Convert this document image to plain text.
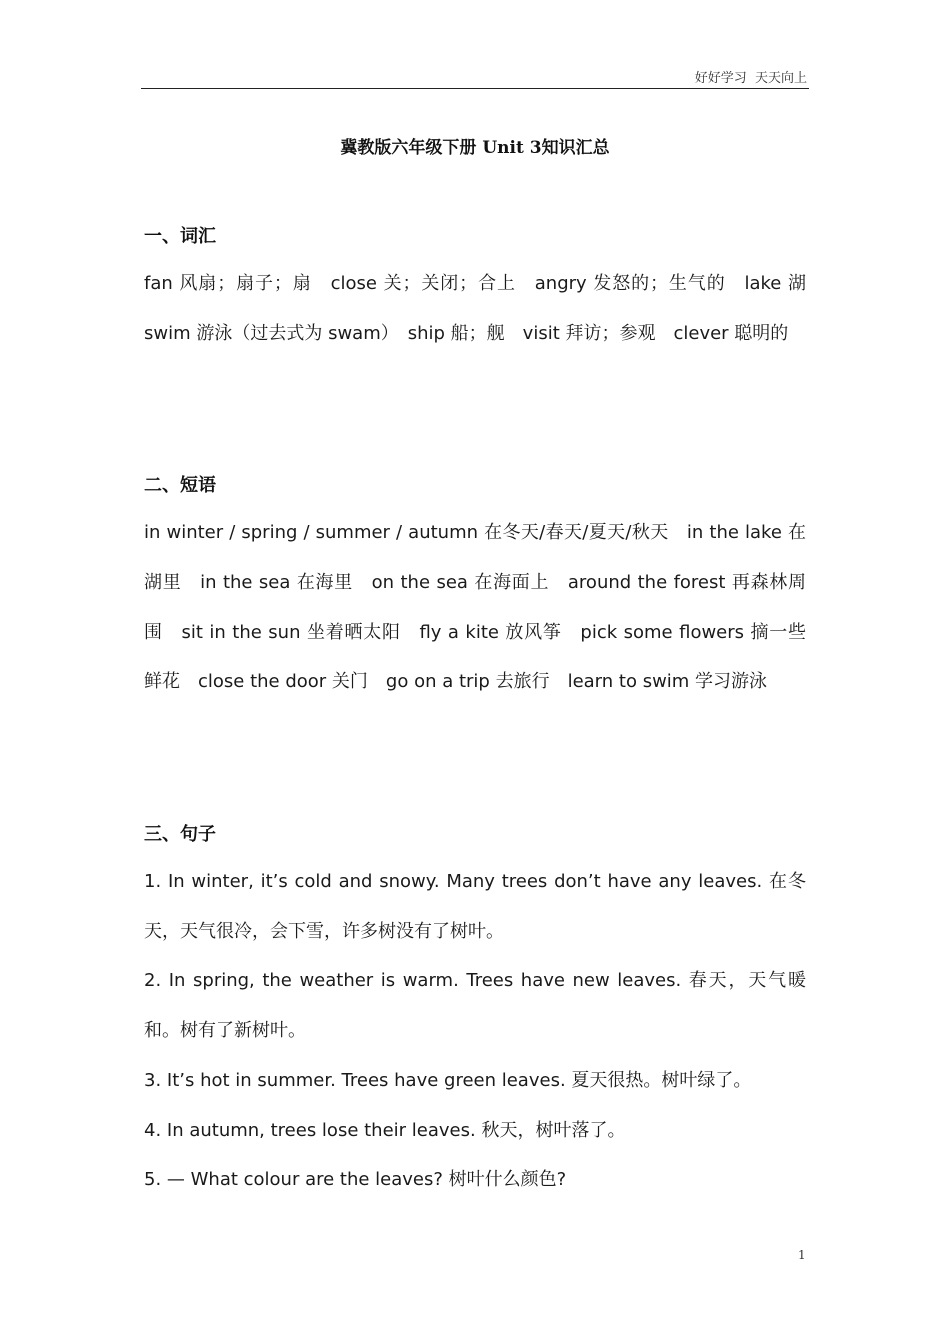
好好学习  天天向上
冀教版六年级下册 Unit 3知识汇总
一、词汇

fan 风扇；扇子；扇　close 关；关闭；合上　angry 发怒的；生气的　lake 湖　swim 游泳（过去式为 swam）　ship 船；舰　visit 拜访；参观　clever 聪明的

二、短语

in winter / spring / summer / autumn 在冬天/春天/夏天/秋天　in the lake 在湖里　in the sea 在海里　on the sea 在海面上　around the forest 再森林周围　sit in the sun 坐着晒太阳　fly a kite 放风筝　pick some flowers 摘一些鲜花　close the door 关门　go on a trip 去旅行　learn to swim 学习游泳

三、句子

1. In winter, it’s cold and snowy. Many trees don’t have any leaves. 在冬天，天气很冷，会下雪，许多树没有了树叶。

2. In spring, the weather is warm. Trees have new leaves. 春天，天气暖和。树有了新树叶。

3. It’s hot in summer. Trees have green leaves. 夏天很热。树叶绿了。

4. In autumn, trees lose their leaves. 秋天，树叶落了。

5. — What colour are the leaves? 树叶什么颜色?

1
